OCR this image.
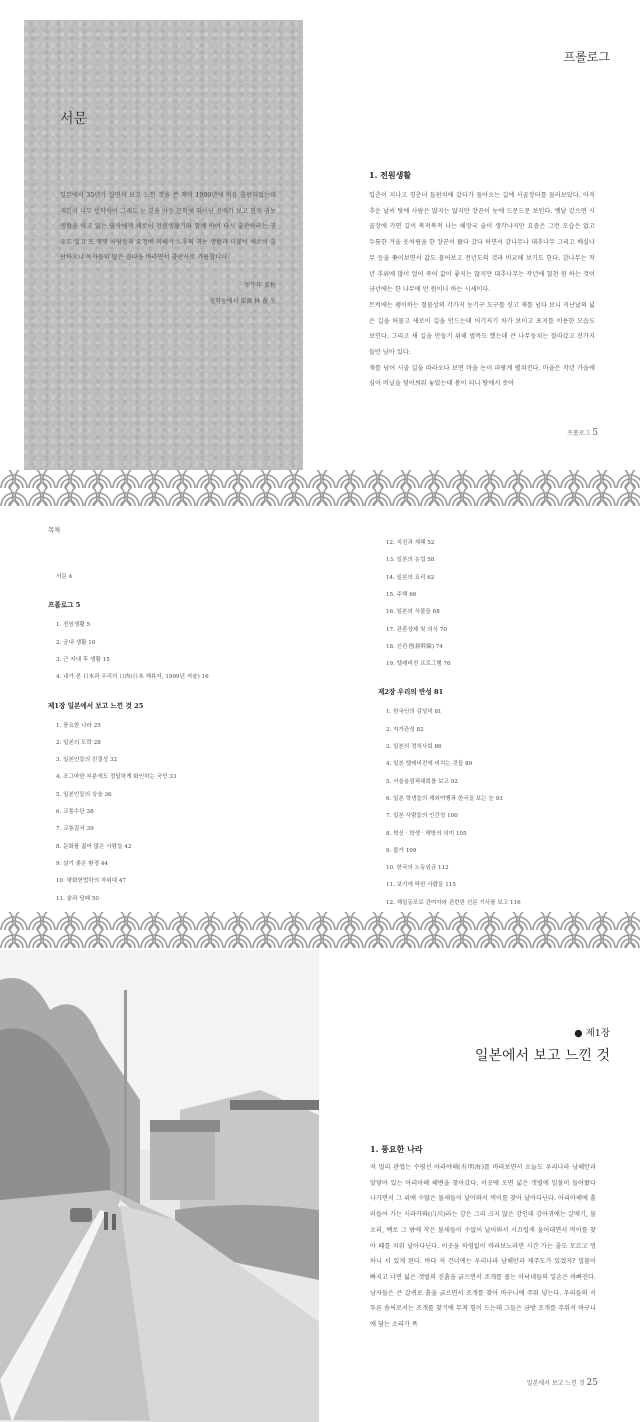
서문

일본에서 35년가 살면서 보고 느낀 것을 쓴 책이 1999년에 처음 출판되었는데 제본이 너무 빈약하여 그래도 눈 것을 아동 문학에 뛰어난 선배가 보고 현재 귀농 생활을 하고 있는 필자에게 새로이 전원생활기와 함께 하여 다시 출판하라는 권유도 있고 또 몇몇 사람들의 요청에 의해서 노후의 귀농 생활과 더불어 새로이 출판하오니 독자들의 많은 질타을 바라면서 출판사로 가름합니다.

甲午年 孟秋
청학동에서 栗源 林 養 生
프롤로그
1. 전원생활

입춘이 지나고 경춘녀 들판치에 갔더가 돌아오는 길에 서골장터를 둘러보았다. 아직 추운 날씨 탓에 사람은 많지는 않지만 장꾼이 눈에 드문드문 보인다. 옛날 같으면 시골장에 가면 길이 북적북적 나는 해장국 술이 생각나지만 요즘은 그런 모습은 없고 두툼한 겨울 옷차림을 한 장꾼이 왔다 갔다 하면서 감나무나 대추나무 그리고 배실나무 등을 쫓이보면서 값도 물어보고 전년도의 것과 비교해 보기도 한다. 감나무는 작년 추위에 많이 얼어 죽어 값이 좋지는 않지만 대추나무는 작년에 칠천 원 하는 것이 금년에는 한 나무에 만 원이나 하는 시세이다.
트럭에는 괭이하는 철물상의 각가지 농기구 도구를 싣고 재를 넘다 보니 지난날의 넓은 길을 허물고 새로이 길을 만드는데 어기저기 차가 보이고 포지를 이용한 모습도 보인다. 그리고 새 길을 만들기 위해 벌목도 했는데 큰 나무둥치는 잘라갔고 잔가지들만 남아 있다.
재를 넘어 시골 길을 따라오다 보면 마을 논이 파랗게 펼쳐진다. 마을은 작년 가을에 심어 비닐을 덮어씌워 놓았는데 봄이 되니 땅에서 솟아

프롤로그 5
목차
서문 4
프롤로그 5
1. 전원생활 5
2. 궁내 생활 10
3. 근 지대 후 생활 15
4. 내가 본 日本과 우리의 口肉(日本 재류자, 1999년 저술) 16
제1장 일본에서 보고 느낀 것 25
1. 풍요한 나라 25
2. 일본의 도락 28
3. 일본인들의 친절성 32
4. 조그마한 부분에도 정답하게 화인하는 국민 33
5. 일본인들의 상술 36
6. 교통수단 38
7. 교통질서 39
8. 문화를 짊어 많은 사람들 42
9. 살기 좋은 환경 44
10. 평화헌법하의 자위대 47
11. 술과 담배 50
12. 지진과 재해 52
13. 일본의 농업 58
14. 일본의 요리 62
15. 주택 66
16. 일본의 식물들 68
17. 관혼상제 및 의식 70
18. 신칸센(新幹線) 74
19. 텔레비전 프로그램 76
제2장 우리의 반성 81
1. 한국인의 감성미 81
2. 지가관성 82
3. 일본의 정치사회 86
4. 일본 텔레비전에 비치는 것들 89
5. 서울올림픽대회를 보고 92
6. 일본 학생들의 해외여행과 한국을 보는 눈 93
7. 일본 사람들의 인간성 100
8. 혁신 · 학생 · 해방의 의미 105
9. 물가 109
10. 한국의 노동임금 112
11. 보기에 딱한 사람들 115
12. 재일동포로 관여자와 관련한 신문 기사를 보고 116
● 제1장
일본에서 보고 느낀 것
1. 풍요한 나라

저 멀리 관엽는 수평선 아라야해(有明海)를 바라보면서 오늘도 우리나라 남해안과 맞닿아 있는 아리아해 해변을 찾아갔다. 이곳에 오면 넓은 갯벌에 밀물이 들어왔다 나가면서 그 위에 수많은 물새들이 날아와서 먹이를 찾아 날아다닌다. 아리아해에 흘러들어 가는 시라카와(白川)라는 강은 그리 크지 않은 강인데 강어귀에는 갈매기, 물오리, 백로 그 밖에 작은 물새들이 수없이 날아와서 시끄럽게 울어대면서 먹이를 찾아 떼를 지워 날아다닌다. 이곳을 하염없이 바라보노라면 시간 가는 줄도 모르고 멍하니 서 있게 된다. 바다 저 건너에는 우리나라 남해안과 제주도가 있겠지? 밀물이 빠지고 나면 넓은 갯벌의 진흙을 긁으면서 조개를 줍는 아낙네들의 일손은 바빠진다. 남자들은 큰 갈퀴로 흙을 긁으면서 조개를 찾아 바구니에 주워 넣는다. 우리들의 서투른 솜씨로서는 조개를 찾기에 무척 힘이 드는데 그들은 금방 조개를 주워서 바구니에 담는 소리가 폭

일본에서 보고 느낀 것 25
